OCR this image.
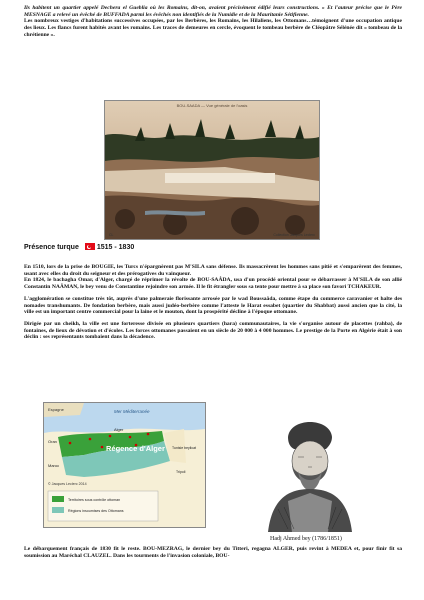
Ils habitent un quartier appelé Dechera el Gueblia où les Romains, dit-on, avaient précisément édifié leurs constructions. » Et l'auteur précise que le Père MESNAGE a relevé un évêché de BUFFADA parmi les évêchés non identifiés de la Numidie et de la Mauritanie Sétifienne.

Les nombreux vestiges d'habitations successives occupées, par les Berbères, les Romains, les Hilaliens, les Ottomans…témoignent d'une occupation antique des lieux. Les flancs furent habités avant les romains. Les traces de demeures en cercle, évoquent le tombeau berbère de Cléopâtre Sélénée dit « tombeau de la chrétienne ».

BOU-SAADA — Vue générale de l'oasis
CL	Collection Jacques Leclerc
Présence turque	1515 - 1830

En 1510, lors de la prise de BOUGIE, les Turcs n'épargnèrent pas M'SILA sans défense. Ils massacrèrent les hommes sans pitié et s'emparèrent des femmes, usant avec elles du droit du seigneur et des prérogatives du vainqueur.

En 1824, le bachagha Omar, d'Alger, chargé de réprimer la révolte de BOU-SAÂDA, usa d'un procédé oriental pour se débarrasser à M'SILA de son allié Constantin NAÂMAN, le bey venu de Constantine rejoindre son armée. Il le fit étrangler sous sa tente pour mettre à sa place son favori TCHAKEUR.

L'agglomération se constitue très tôt, auprès d'une palmeraie florissante arrosée par le wad Boussaâda, comme étape du commerce caravanier et halte des nomades transhumants. De fondation berbère, mais aussi judéo-berbère comme l'atteste le Harat essabet (quartier du Shabbat) aussi ancien que la cité, la ville est un important centre commercial pour la laine et le mouton, dont la prospérité décline à l'époque ottomane.

Dirigée par un cheikh, la ville est une forteresse divisée en plusieurs quartiers (hara) communautaires, la vie s'organise autour de placettes (rahba), de fontaines, de lieux de dévotion et d'écoles. Les forces ottomanes passaient en un siècle de 20 000 à 4 000 hommes. Le prestige de la Porte en Algérie était à son déclin : ses représentants tombaient dans la décadence.

Espagne	Mer Méditerranée
Oran
Régence d'Alger
Alger
Maroc
Tunisie beylicat
Tripoli
© Jacques Leclerc 2014
Territoires sous contrôle ottoman
Régions insoumises des Ottomans
Hadj Ahmed bey (1786/1851)

Le débarquement français de 1830 fit le reste. BOU-MEZRAG, le dernier bey du Titteri, regagna ALGER, puis revint à MEDEA et, pour finir fit sa soumission au Maréchal CLAUZEL. Dans les tourments de l'invasion coloniale, BOU-
